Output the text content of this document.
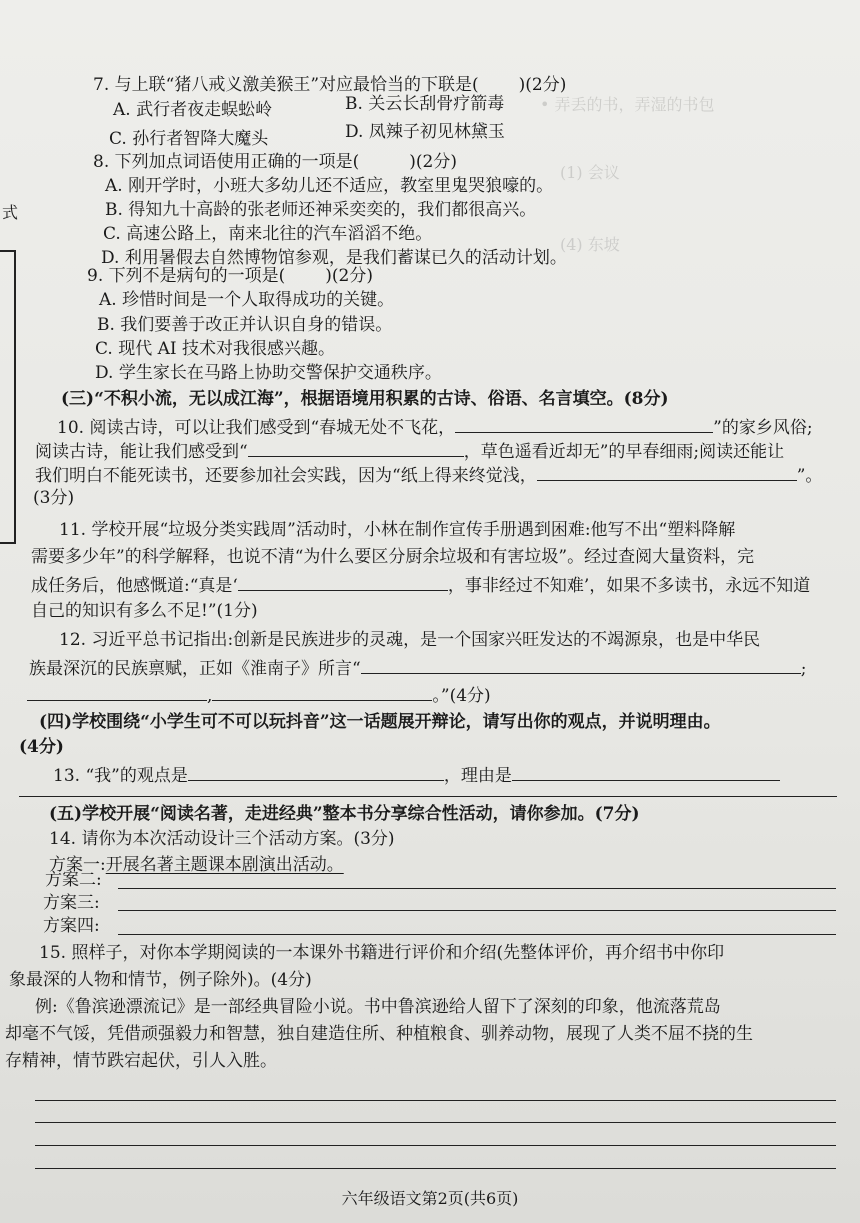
• 弄丢的书，弄湿的书包
(1) 会议
(4) 东坡
式
7. 与上联“猪八戒义激美猴王”对应最恰当的下联是( )(2分)
A. 武行者夜走蜈蚣岭	B. 关云长刮骨疗箭毒
C. 孙行者智降大魔头	D. 凤辣子初见林黛玉
8. 下列加点词语使用正确的一项是(	)(2分)
A. 刚开学时，小班大多幼儿还不适应，教室里鬼哭狼嚎的。
B. 得知九十高龄的张老师还神采奕奕的，我们都很高兴。
C. 高速公路上，南来北往的汽车滔滔不绝。
D. 利用暑假去自然博物馆参观，是我们蓄谋已久的活动计划。
9. 下列不是病句的一项是( )(2分)
A. 珍惜时间是一个人取得成功的关键。
B. 我们要善于改正并认识自身的错误。
C. 现代 AI 技术对我很感兴趣。
D. 学生家长在马路上协助交警保护交通秩序。
(三)“不积小流，无以成江海”，根据语境用积累的古诗、俗语、名言填空。(8分)
10. 阅读古诗，可以让我们感受到“春城无处不飞花，	”的家乡风俗;
阅读古诗，能让我们感受到“	，草色遥看近却无”的早春细雨;阅读还能让
我们明白不能死读书，还要参加社会实践，因为“纸上得来终觉浅，	”。
(3分)
11. 学校开展“垃圾分类实践周”活动时，小林在制作宣传手册遇到困难:他写不出“塑料降解
需要多少年”的科学解释，也说不清“为什么要区分厨余垃圾和有害垃圾”。经过查阅大量资料，完
成任务后，他感慨道:“真是‘	，事非经过不知难’，如果不多读书，永远不知道
自己的知识有多么不足!”(1分)
12. 习近平总书记指出:创新是民族进步的灵魂，是一个国家兴旺发达的不竭源泉，也是中华民
族最深沉的民族禀赋，正如《淮南子》所言“	;
,	。”(4分)
(四)学校围绕“小学生可不可以玩抖音”这一话题展开辩论，请写出你的观点，并说明理由。
(4分)
13. “我”的观点是	，理由是
(五)学校开展“阅读名著，走进经典”整本书分享综合性活动，请你参加。(7分)
14. 请你为本次活动设计三个活动方案。(3分)
方案一:开展名著主题课本剧演出活动。
方案二:
方案三:
方案四:
15. 照样子，对你本学期阅读的一本课外书籍进行评价和介绍(先整体评价，再介绍书中你印
象最深的人物和情节，例子除外)。(4分)
例:《鲁滨逊漂流记》是一部经典冒险小说。书中鲁滨逊给人留下了深刻的印象，他流落荒岛
却毫不气馁，凭借顽强毅力和智慧，独自建造住所、种植粮食、驯养动物，展现了人类不屈不挠的生
存精神，情节跌宕起伏，引人入胜。
六年级语文第2页(共6页)
